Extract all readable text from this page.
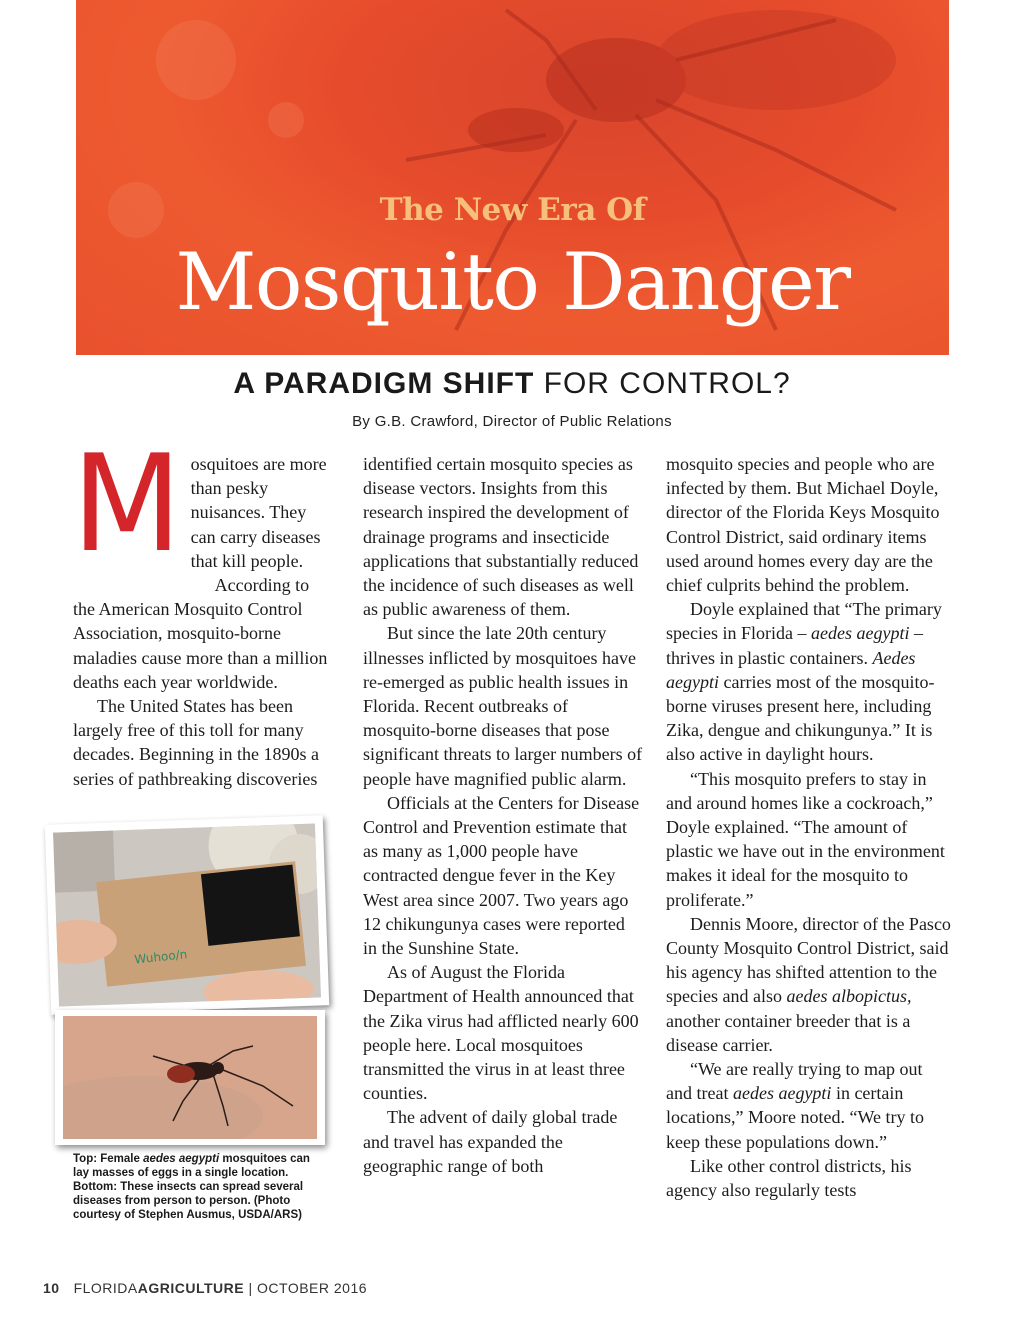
The New Era Of
Mosquito Danger
A PARADIGM SHIFT FOR CONTROL?
By G.B. Crawford, Director of Public Relations

Mosquitoes are more than pesky nuisances. They can carry diseases that kill people.

According to the American Mosquito Control Association, mosquito-borne maladies cause more than a million deaths each year worldwide.

The United States has been largely free of this toll for many decades. Beginning in the 1890s a series of pathbreaking discoveries

Wuhoo/n
Top: Female aedes aegypti mosquitoes can lay masses of eggs in a single location. Bottom: These insects can spread several diseases from person to person. (Photo courtesy of Stephen Ausmus, USDA/ARS)

identified certain mosquito species as disease vectors. Insights from this research inspired the development of drainage programs and insecticide applications that substantially reduced the incidence of such diseases as well as public awareness of them.

But since the late 20th century illnesses inflicted by mosquitoes have re-emerged as public health issues in Florida. Recent outbreaks of mosquito-borne diseases that pose significant threats to larger numbers of people have magnified public alarm.

Officials at the Centers for Disease Control and Prevention estimate that as many as 1,000 people have contracted dengue fever in the Key West area since 2007. Two years ago 12 chikungunya cases were reported in the Sunshine State.

As of August the Florida Department of Health announced that the Zika virus had afflicted nearly 600 people here. Local mosquitoes transmitted the virus in at least three counties.

The advent of daily global trade and travel has expanded the geographic range of both

mosquito species and people who are infected by them. But Michael Doyle, director of the Florida Keys Mosquito Control District, said ordinary items used around homes every day are the chief culprits behind the problem.

Doyle explained that “The primary species in Florida – aedes aegypti – thrives in plastic containers. Aedes aegypti carries most of the mosquito-borne viruses present here, including Zika, dengue and chikungunya.” It is also active in daylight hours.

“This mosquito prefers to stay in and around homes like a cockroach,” Doyle explained. “The amount of plastic we have out in the environment makes it ideal for the mosquito to proliferate.”

Dennis Moore, director of the Pasco County Mosquito Control District, said his agency has shifted attention to the species and also aedes albopictus, another container breeder that is a disease carrier.

“We are really trying to map out and treat aedes aegypti in certain locations,” Moore noted. “We try to keep these populations down.”

Like other control districts, his agency also regularly tests

10 FLORIDAAGRICULTURE | OCTOBER 2016
